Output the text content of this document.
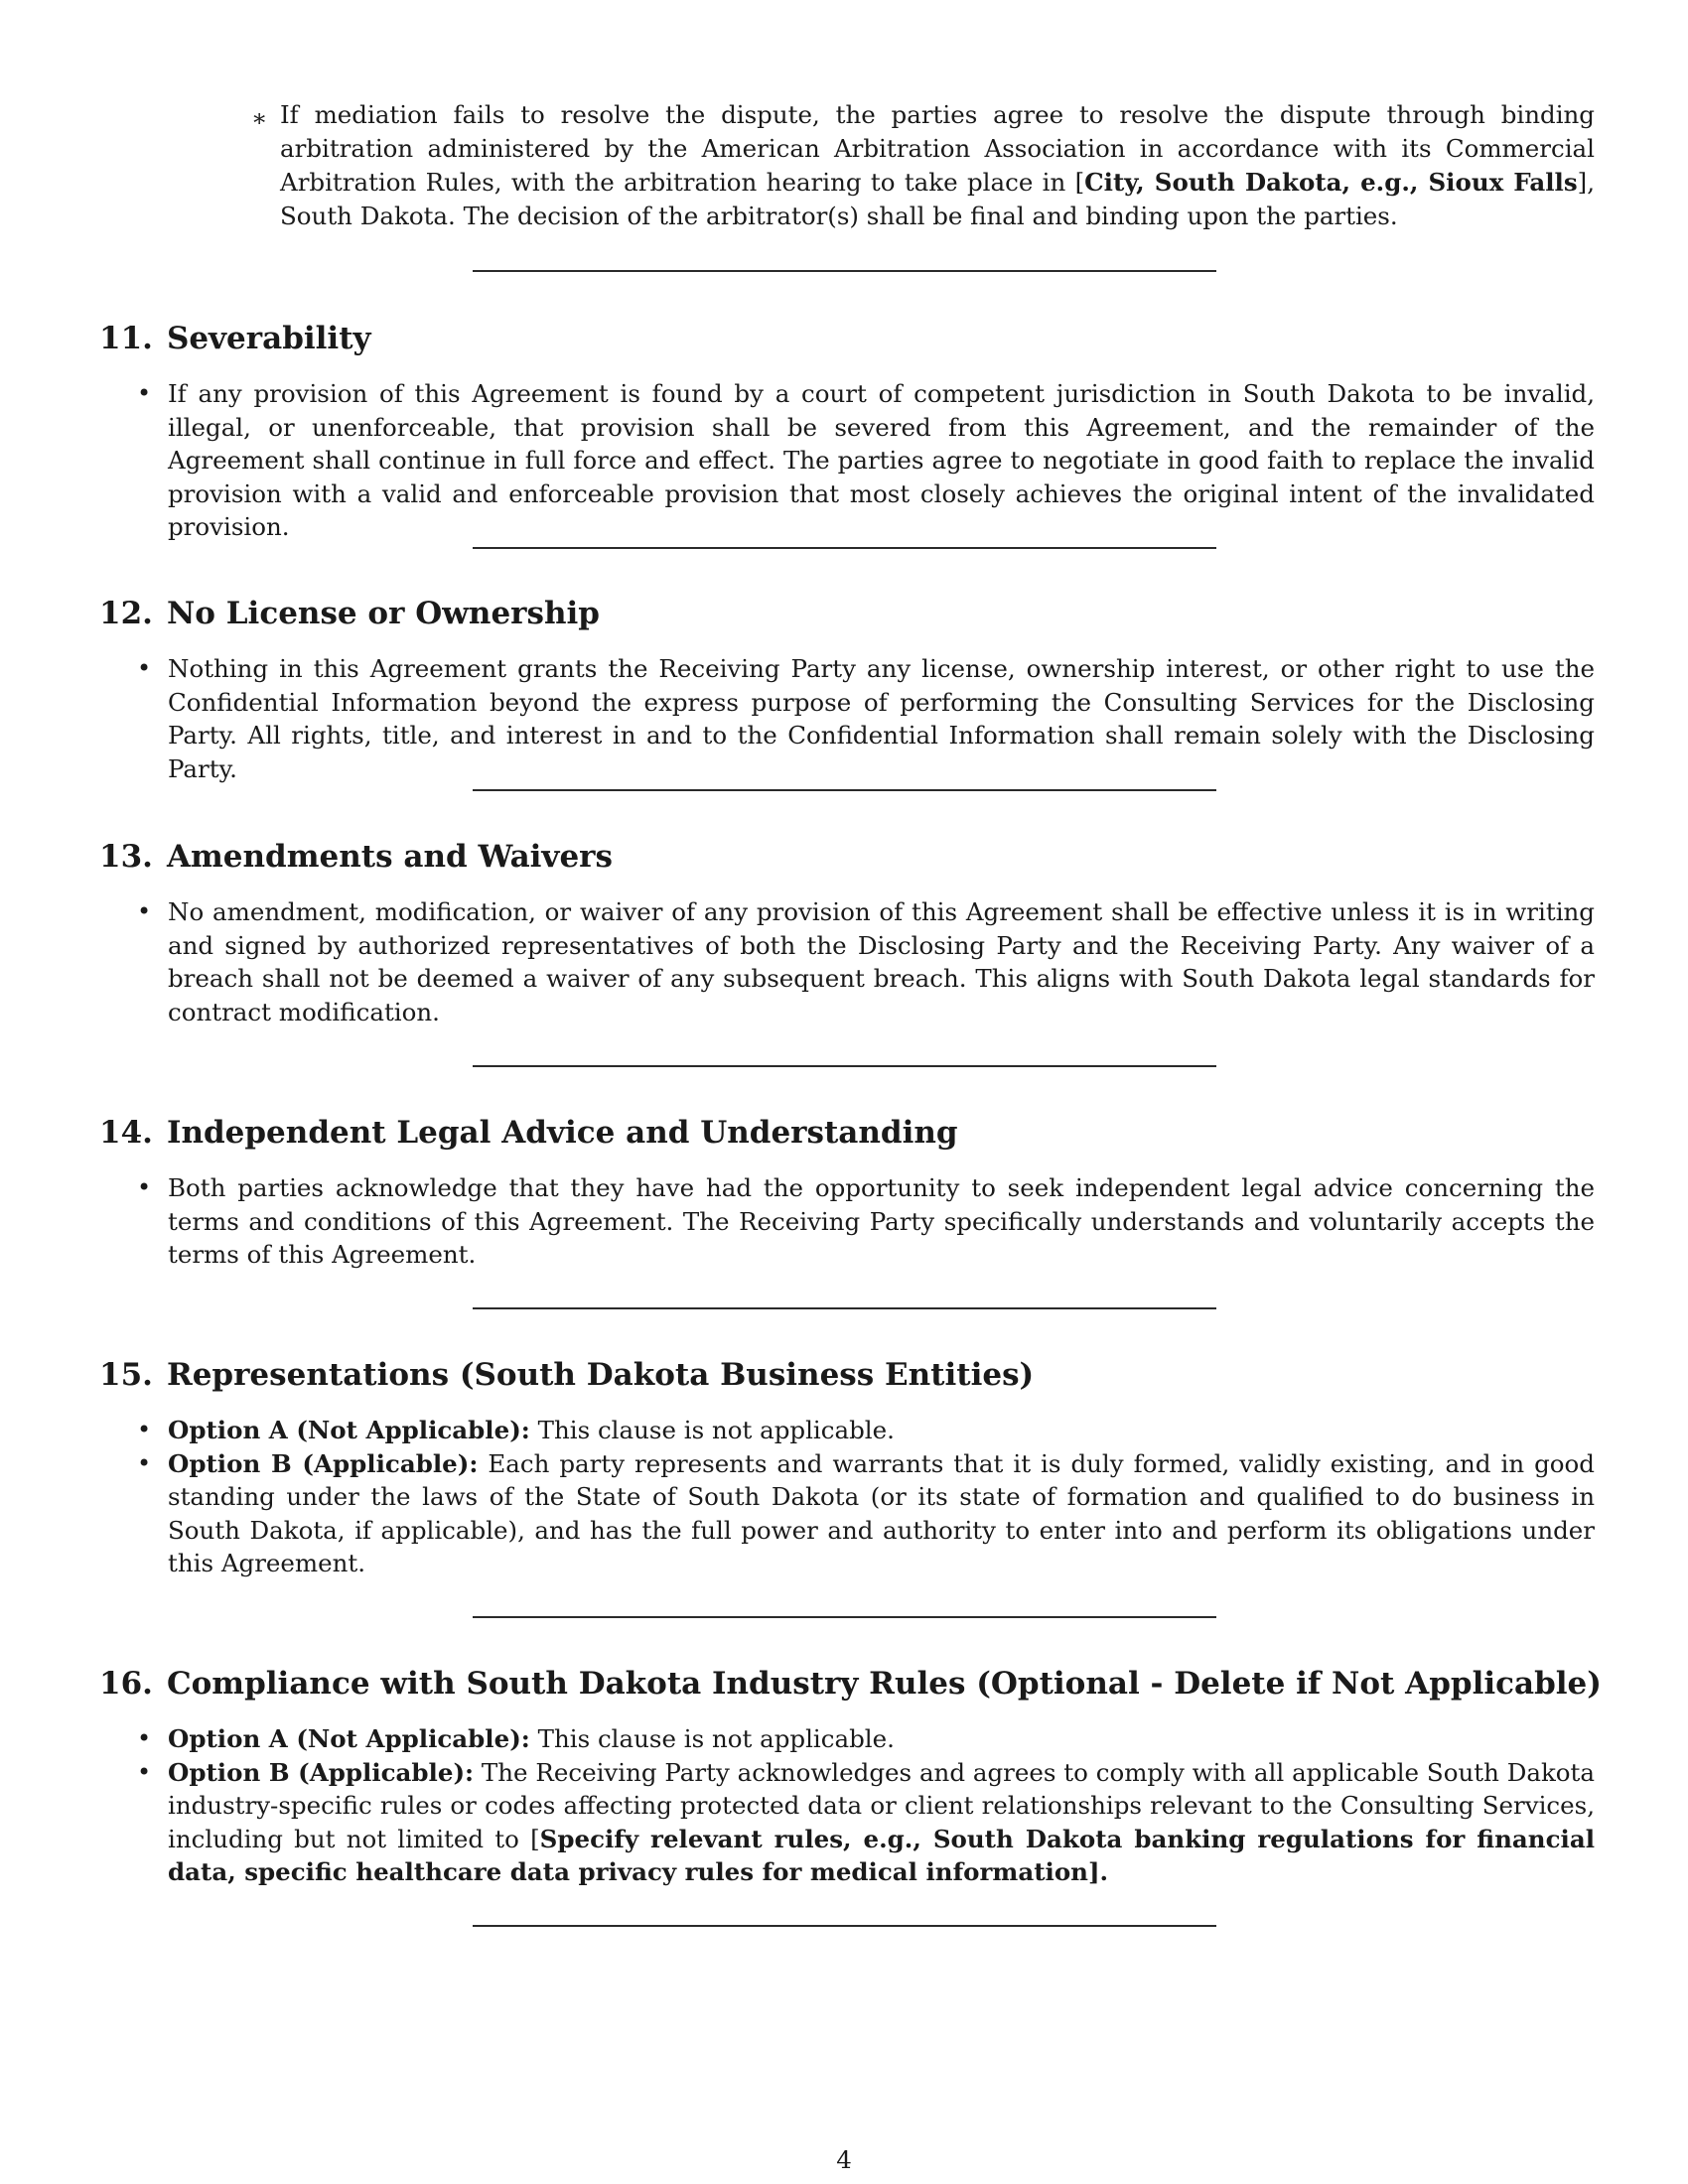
∗ If mediation fails to resolve the dispute, the parties agree to resolve the dispute through binding arbitration administered by the American Arbitration Association in accordance with its Commercial Arbitration Rules, with the arbitration hearing to take place in [City, South Dakota, e.g., Sioux Falls], South Dakota. The decision of the arbitrator(s) shall be final and binding upon the parties.
11. Severability
• If any provision of this Agreement is found by a court of competent jurisdiction in South Dakota to be invalid, illegal, or unenforceable, that provision shall be severed from this Agreement, and the remainder of the Agreement shall continue in full force and effect. The parties agree to negotiate in good faith to replace the invalid provision with a valid and enforceable provision that most closely achieves the original intent of the invalidated provision.
12. No License or Ownership
• Nothing in this Agreement grants the Receiving Party any license, ownership interest, or other right to use the Confidential Information beyond the express purpose of performing the Consulting Services for the Disclosing Party. All rights, title, and interest in and to the Confidential Information shall remain solely with the Disclosing Party.
13. Amendments and Waivers
• No amendment, modification, or waiver of any provision of this Agreement shall be effective unless it is in writing and signed by authorized representatives of both the Disclosing Party and the Receiving Party. Any waiver of a breach shall not be deemed a waiver of any subsequent breach. This aligns with South Dakota legal standards for contract modification.
14. Independent Legal Advice and Understanding
• Both parties acknowledge that they have had the opportunity to seek independent legal advice concerning the terms and conditions of this Agreement. The Receiving Party specifically understands and voluntarily accepts the terms of this Agreement.
15. Representations (South Dakota Business Entities)
• Option A (Not Applicable): This clause is not applicable.
• Option B (Applicable): Each party represents and warrants that it is duly formed, validly existing, and in good standing under the laws of the State of South Dakota (or its state of formation and qualified to do business in South Dakota, if applicable), and has the full power and authority to enter into and perform its obligations under this Agreement.
16. Compliance with South Dakota Industry Rules (Optional - Delete if Not Applicable)
• Option A (Not Applicable): This clause is not applicable.
• Option B (Applicable): The Receiving Party acknowledges and agrees to comply with all applicable South Dakota industry-specific rules or codes affecting protected data or client relationships relevant to the Consulting Services, including but not limited to [Specify relevant rules, e.g., South Dakota banking regulations for financial data, specific healthcare data privacy rules for medical information].
4
